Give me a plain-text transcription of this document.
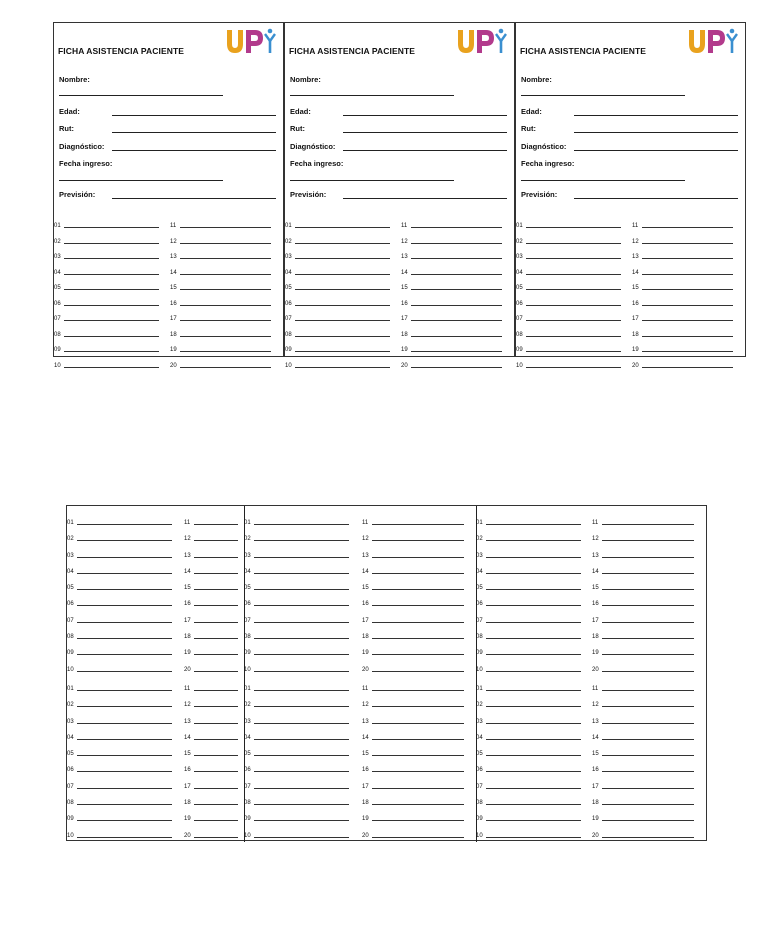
FICHA ASISTENCIA PACIENTE
Nombre:
Edad:
Rut:
Diagnóstico:
Fecha ingreso:
Previsión:
01	11
02	12
03	13
04	14
05	15
06	16
07	17
08	18
09	19
10	20
FICHA ASISTENCIA PACIENTE
Nombre:
Edad:
Rut:
Diagnóstico:
Fecha ingreso:
Previsión:
01	11
02	12
03	13
04	14
05	15
06	16
07	17
08	18
09	19
10	20
FICHA ASISTENCIA PACIENTE
Nombre:
Edad:
Rut:
Diagnóstico:
Fecha ingreso:
Previsión:
01	11
02	12
03	13
04	14
05	15
06	16
07	17
08	18
09	19
10	20
01	11
02	12
03	13
04	14
05	15
06	16
07	17
08	18
09	19
10	20
01	11
02	12
03	13
04	14
05	15
06	16
07	17
08	18
09	19
10	20
01	11
02	12
03	13
04	14
05	15
06	16
07	17
08	18
09	19
10	20
01	11
02	12
03	13
04	14
05	15
06	16
07	17
08	18
09	19
10	20
01	11
02	12
03	13
04	14
05	15
06	16
07	17
08	18
09	19
10	20
01	11
02	12
03	13
04	14
05	15
06	16
07	17
08	18
09	19
10	20
